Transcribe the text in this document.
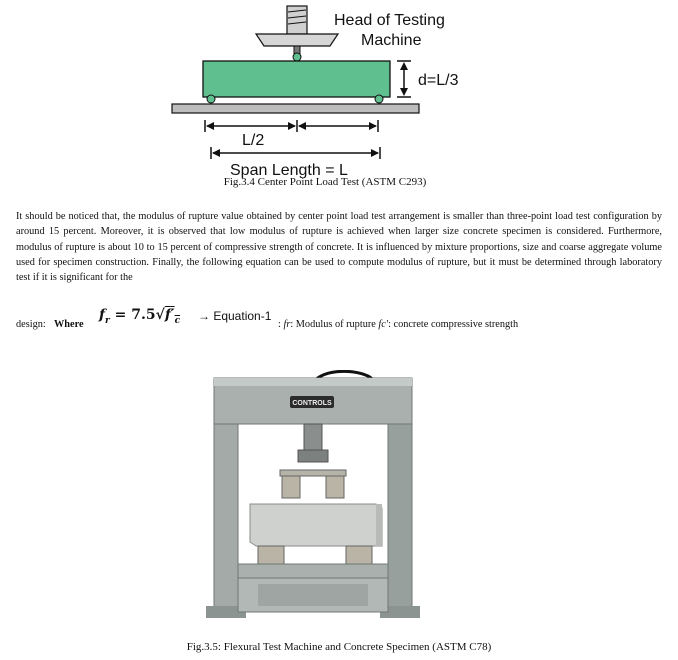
Head of Testing
Machine
d=L/3
L/2
Span Length = L
Fig.3.4 Center Point Load Test (ASTM C293)
It should be noticed that, the modulus of rupture value obtained by center point load test arrangement is smaller than three-point load test configuration by around 15 percent. Moreover, it is observed that low modulus of rupture is achieved when larger size concrete specimen is considered. Furthermore, modulus of rupture is about 10 to 15 percent of compressive strength of concrete. It is influenced by mixture proportions, size and coarse aggregate volume used for specimen construction. Finally, the following equation can be used to compute modulus of rupture, but it must be determined through laboratory test if it is significant for the
design: Where
$f_r = 7.5√f'_c$ → Equation-1
: fr: Modulus of rupture fc': concrete compressive strength
CONTROLS
Fig.3.5: Flexural Test Machine and Concrete Specimen (ASTM C78)
